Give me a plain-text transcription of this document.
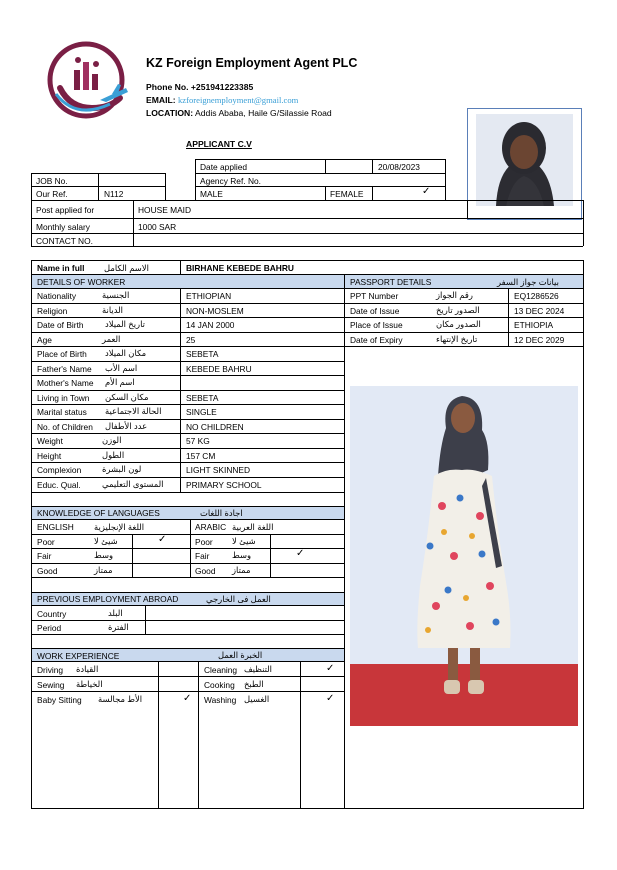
KZ Foreign Employment Agent PLC
Phone No. +251941223385
EMAIL: kzforeignemployment@gmail.com
LOCATION: Addis Ababa, Haile G/Silassie Road
APPLICANT C.V
Date applied	20/08/2023
Agency Ref. No.
JOB No.
Our Ref.	N112	MALE	FEMALE	✓
Post applied for	HOUSE MAID
Monthly salary	1000 SAR
CONTACT NO.
Name in full الاسم الكامل	BIRHANE KEBEDE BAHRU
DETAILS OF WORKER
Nationality	الجنسية	ETHIOPIAN
Religion	الديانة	NON-MOSLEM
Date of Birth	تاريخ الميلاد	14 JAN 2000
Age	العمر	25
Place of Birth مكان الميلاد	SEBETA
Father's Name اسم الأب	KEBEDE BAHRU
Mother's Name اسم الأم
Living in Town مكان السكن	SEBETA
Marital status الحالة الاجتماعية	SINGLE
No. of Children عدد الأطفال	NO CHILDREN
Weight	الوزن	57 KG
Height	الطول	157 CM
Complexion لون البشرة	LIGHT SKINNED
Educ. Qual.	المستوى التعليمي	PRIMARY SCHOOL
PASSPORT DETAILS	بيانات جواز السفر
PPT Number	رقم الجواز	EQ1286526
Date of Issue	الصدور تاريخ	13 DEC 2024
Place of Issue	الصدور مكان	ETHIOPIA
Date of Expiry	تاريخ الإنتهاء	12 DEC 2029
KNOWLEDGE OF LANGUAGES	اجادة اللغات
ENGLISH اللغة الإنجليزية	ARABIC اللغة العربية
Poor	شيئ لا	✓	Poor شيئ لا
Fair	وسط	Fair	وسط	✓
Good	ممتاز	Good ممتاز
PREVIOUS EMPLOYMENT ABROAD	العمل فى الخارجي
Country	البلد
Period	الفترة
WORK EXPERIENCE	الخبرة العمل
Driving القيادة	Cleaning التنظيف	✓
Sewing الخياطة	Cooking الطبخ
Baby Sitting الأط مجالسة	✓ Washing الغسيل	✓
